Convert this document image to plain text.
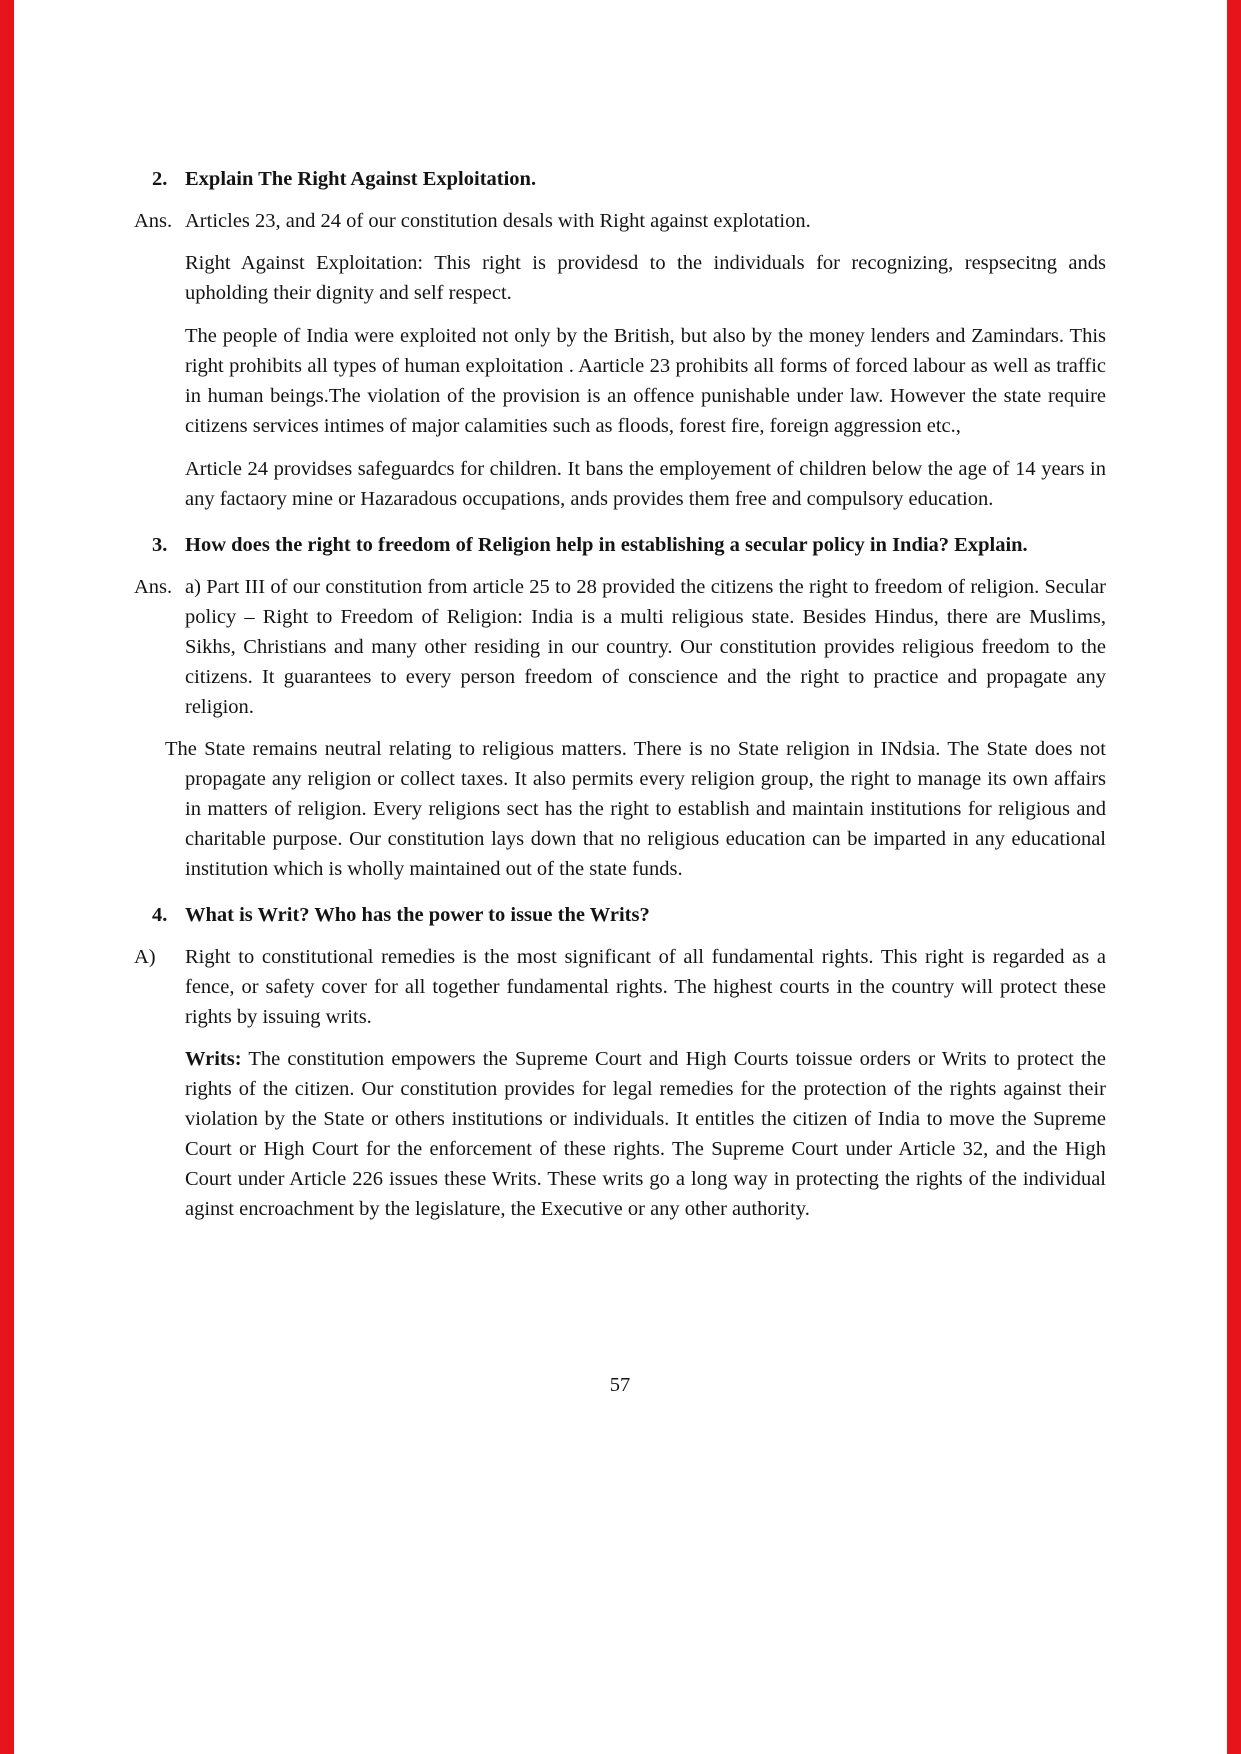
2. Explain The Right Against Exploitation.
Ans. Articles 23, and 24 of our constitution desals with Right against explotation.

Right Against Exploitation: This right is providesd to the individuals for recognizing, respsecitng ands upholding their dignity and self respect.

The people of India were exploited not only by the British, but also by the money lenders and Zamindars. This right prohibits all types of human exploitation . Aarticle 23 prohibits all forms of forced labour as well as traffic in human beings.The violation of the provision is an offence punishable under law. However the state require citizens services intimes of major calamities such as floods, forest fire, foreign aggression etc.,

Article 24 providses safeguardcs for children. It bans the employement of children below the age of 14 years in any factaory mine or Hazaradous occupations, ands provides them free and compulsory education.

3. How does the right to freedom of Religion help in establishing a secular policy in India? Explain.
Ans. a) Part III of our constitution from article 25 to 28 provided the citizens the right to freedom of religion. Secular policy – Right to Freedom of Religion: India is a multi religious state. Besides Hindus, there are Muslims, Sikhs, Christians and many other residing in our country. Our constitution provides religious freedom to the citizens. It guarantees to every person freedom of conscience and the right to practice and propagate any religion.

The State remains neutral relating to religious matters. There is no State religion in INdsia. The State does not propagate any religion or collect taxes. It also permits every religion group, the right to manage its own affairs in matters of religion. Every religions sect has the right to establish and maintain institutions for religious and charitable purpose. Our constitution lays down that no religious education can be imparted in any educational institution which is wholly maintained out of the state funds.

4. What is Writ? Who has the power to issue the Writs?
A)	Right to constitutional remedies is the most significant of all fundamental rights. This right is regarded as a fence, or safety cover for all together fundamental rights. The highest courts in the country will protect these rights by issuing writs.

Writs: The constitution empowers the Supreme Court and High Courts toissue orders or Writs to protect the rights of the citizen. Our constitution provides for legal remedies for the protection of the rights against their violation by the State or others institutions or individuals. It entitles the citizen of India to move the Supreme Court or High Court for the enforcement of these rights. The Supreme Court under Article 32, and the High Court under Article 226 issues these Writs. These writs go a long way in protecting the rights of the individual aginst encroachment by the legislature, the Executive or any other authority.

57
